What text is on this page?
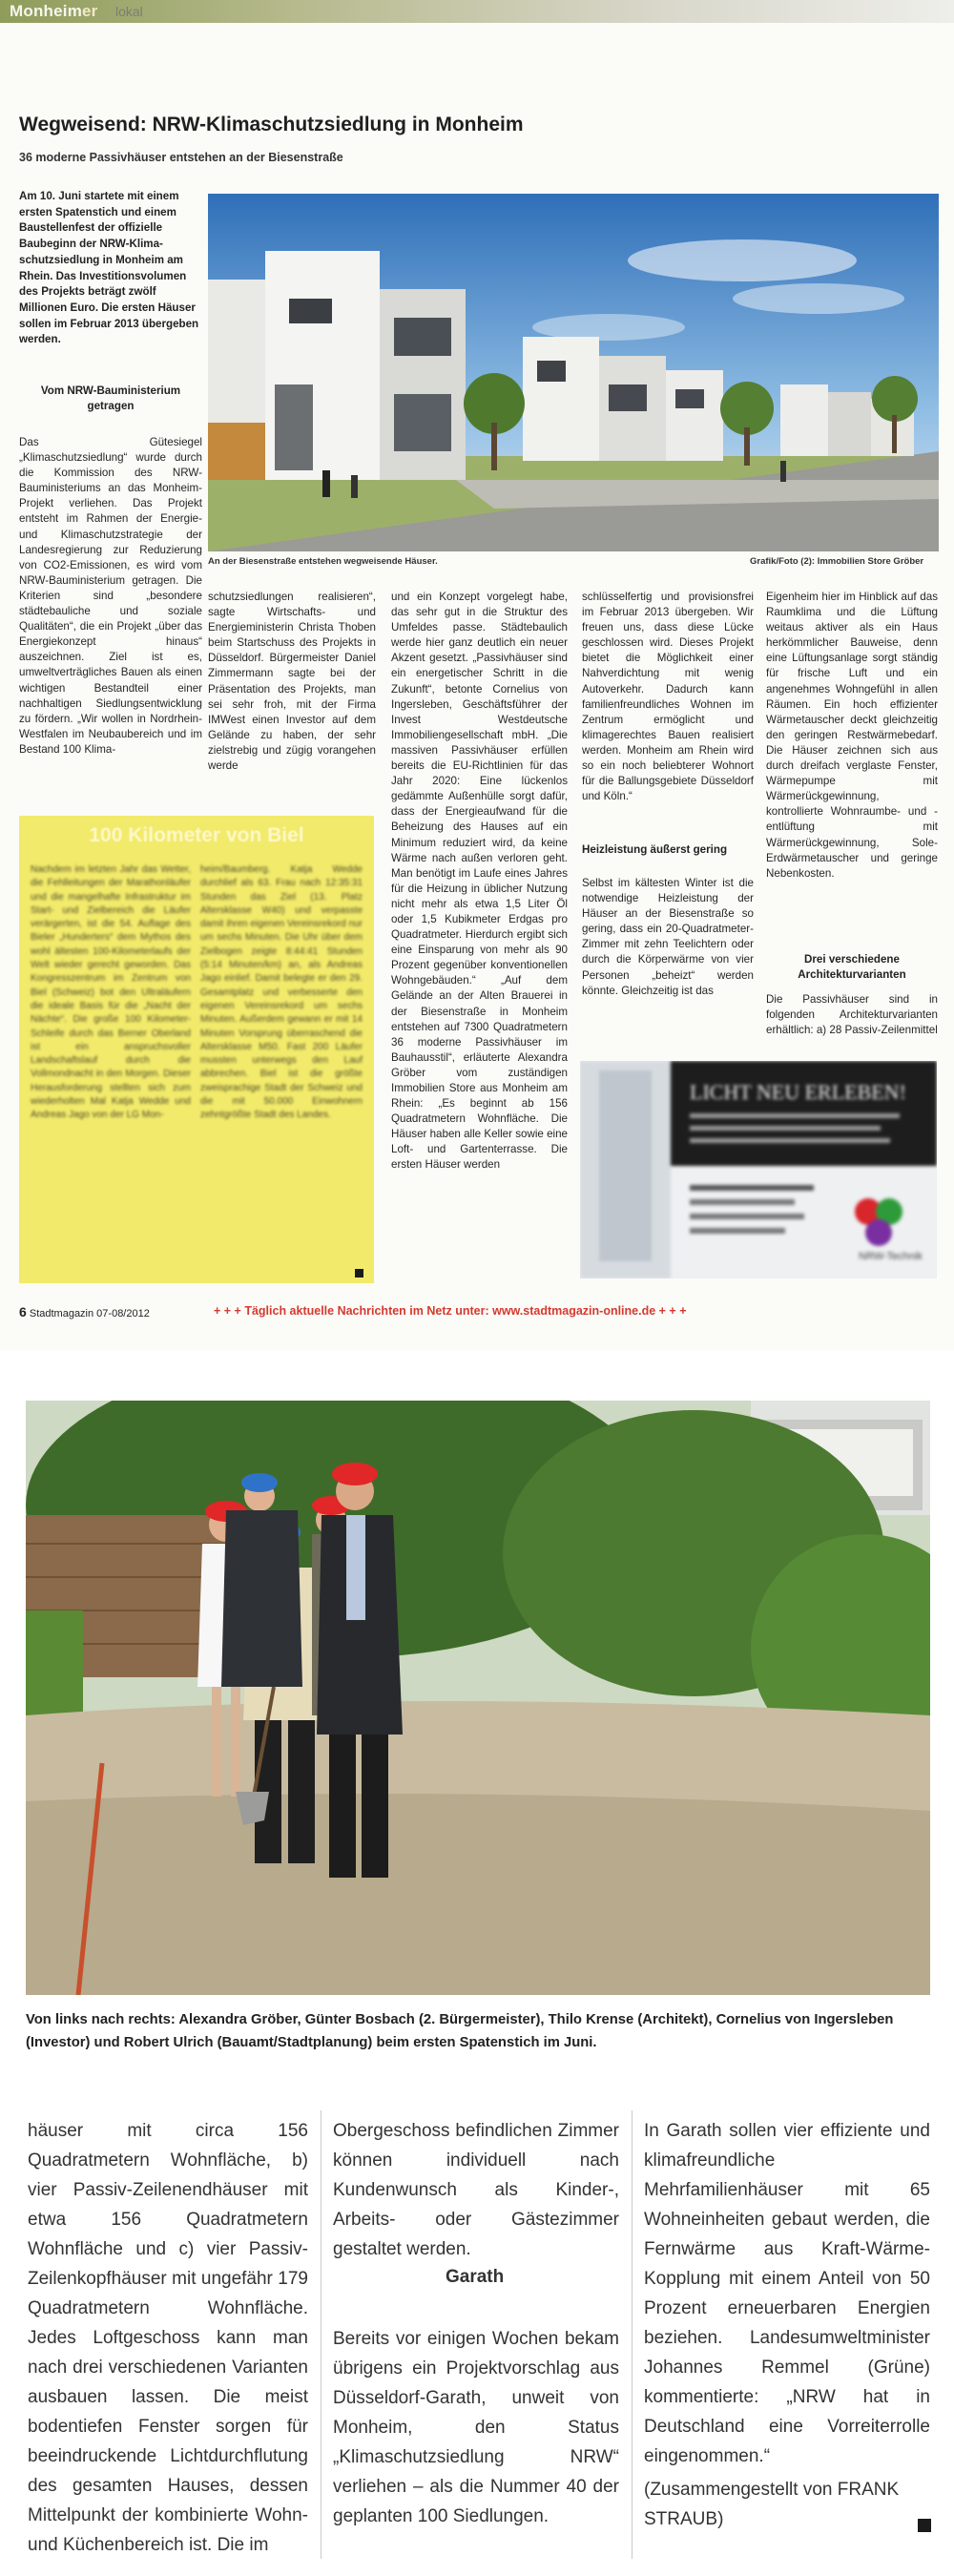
Monheimer lokal
Wegweisend: NRW-Klimaschutzsiedlung in Monheim
36 moderne Passivhäuser entstehen an der Biesenstraße
Am 10. Juni startete mit einem ersten Spatenstich und einem Baustellenfest der offizielle Baubeginn der NRW-Klima-schutzsiedlung in Monheim am Rhein. Das Investitionsvolumen des Projekts beträgt zwölf Millionen Euro. Die ersten Häuser sollen im Februar 2013 übergeben werden.
Vom NRW-Bauministerium getragen
Das Gütesiegel „Klimaschutzsiedlung“ wurde durch die Kommission des NRW-Bauministeriums an das Monheim-Projekt verliehen. Das Projekt entsteht im Rahmen der Energie- und Klimaschutzstrategie der Landesregierung zur Reduzierung von CO2-Emissionen, es wird vom NRW-Bauministerium getragen. Die Kriterien sind „besondere städtebauliche und soziale Qualitäten“, die ein Projekt „über das Energiekonzept hinaus“ auszeichnen. Ziel ist es, umweltverträgliches Bauen als einen wichtigen Bestandteil einer nachhaltigen Siedlungsentwicklung zu fördern. „Wir wollen in Nordrhein-Westfalen im Neubaubereich und im Bestand 100 Klima-
An der Biesenstraße entstehen wegweisende Häuser.	Grafik/Foto (2): Immobilien Store Gröber
schutzsiedlungen realisieren“, sagte Wirtschafts- und Energieministerin Christa Thoben beim Startschuss des Projekts in Düsseldorf. Bürgermeister Daniel Zimmermann sagte bei der Präsentation des Projekts, man sei sehr froh, mit der Firma IMWest einen Investor auf dem Gelände zu haben, der sehr zielstrebig und zügig vorangehen werde
und ein Konzept vorgelegt habe, das sehr gut in die Struktur des Umfeldes passe. Städtebaulich werde hier ganz deutlich ein neuer Akzent gesetzt. „Passivhäuser sind ein energetischer Schritt in die Zukunft“, betonte Cornelius von Ingersleben, Geschäftsführer der Invest Westdeutsche Immobiliengesellschaft mbH. „Die massiven Passivhäuser erfüllen bereits die EU-Richtlinien für das Jahr 2020: Eine lückenlos gedämmte Außenhülle sorgt dafür, dass der Energieaufwand für die Beheizung des Hauses auf ein Minimum reduziert wird, da keine Wärme nach außen verloren geht. Man benötigt im Laufe eines Jahres für die Heizung in üblicher Nutzung nicht mehr als etwa 1,5 Liter Öl oder 1,5 Kubikmeter Erdgas pro Quadratmeter. Hierdurch ergibt sich eine Einsparung von mehr als 90 Prozent gegenüber konventionellen Wohngebäuden.“ „Auf dem Gelände an der Alten Brauerei in der Biesenstraße in Monheim entstehen auf 7300 Quadratmetern 36 moderne Passivhäuser im Bauhausstil“, erläuterte Alexandra Gröber vom zuständigen Immobilien Store aus Monheim am Rhein: „Es beginnt ab 156 Quadratmetern Wohnfläche. Die Häuser haben alle Keller sowie eine Loft- und Gartenterrasse. Die ersten Häuser werden
schlüsselfertig und provisionsfrei im Februar 2013 übergeben. Wir freuen uns, dass diese Lücke geschlossen wird. Dieses Projekt bietet die Möglichkeit einer Nahverdichtung mit wenig Autoverkehr. Dadurch kann familienfreundliches Wohnen im Zentrum ermöglicht und klimagerechtes Bauen realisiert werden. Monheim am Rhein wird so ein noch beliebterer Wohnort für die Ballungsgebiete Düsseldorf und Köln.“
Heizleistung äußerst gering
Selbst im kältesten Winter ist die notwendige Heizleistung der Häuser an der Biesenstraße so gering, dass ein 20-Quadratmeter-Zimmer mit zehn Teelichtern oder durch die Körperwärme von vier Personen „beheizt“ werden könnte. Gleichzeitig ist das
Eigenheim hier im Hinblick auf das Raumklima und die Lüftung weitaus aktiver als ein Haus herkömmlicher Bauweise, denn eine Lüftungsanlage sorgt ständig für frische Luft und ein angenehmes Wohngefühl in allen Räumen. Ein hoch effizienter Wärmetauscher deckt gleichzeitig den geringen Restwärmebedarf. Die Häuser zeichnen sich aus durch dreifach verglaste Fenster, Wärmepumpe mit Wärmerückgewinnung, kontrollierte Wohnraumbe- und -entlüftung mit Wärmerückgewinnung, Sole-Erdwärmetauscher und geringe Nebenkosten.
Drei verschiedene Architekturvarianten
Die Passivhäuser sind in folgenden Architekturvarianten erhältlich: a) 28 Passiv-Zeilenmittel
100 Kilometer von Biel
Nachdem im letzten Jahr das Wetter, die Fehlleitungen der Marathonläufer und die mangelhafte Infrastruktur im Start- und Zielbereich die Läufer verärgerten, ist die 54. Auflage des Bieler „Hunderters“ dem Mythos des wohl ältesten 100-Kilometerlaufs der Welt wieder gerecht geworden. Das Kongresszentrum im Zentrum von Biel (Schweiz) bot den Ultraläufern die ideale Basis für die „Nacht der Nächte“. Die große 100 Kilometer-Schleife durch das Berner Oberland ist ein anspruchsvoller Landschaftslauf durch die Vollmondnacht in den Morgen. Dieser Herausforderung stellten sich zum wiederholten Mal Katja Wedde und Andreas Jago von der LG Mon-
heim/Baumberg. Katja Wedde durchlief als 63. Frau nach 12:35:31 Stunden das Ziel (13. Platz Altersklasse W40) und verpasste damit ihren eigenen Vereinsrekord nur um sechs Minuten. Die Uhr über dem Zielbogen zeigte 8:44:41 Stunden (5:14 Minuten/km) an, als Andreas Jago einlief. Damit belegte er den 29. Gesamtplatz und verbesserte den eigenen Vereinsrekord um sechs Minuten. Außerdem gewann er mit 14 Minuten Vorsprung überraschend die Altersklasse M50. Fast 200 Läufer mussten unterwegs den Lauf abbrechen. Biel ist die größte zweisprachige Stadt der Schweiz und die mit 50.000 Einwohnern zehntgrößte Stadt des Landes.
LICHT NEU ERLEBEN!
NRW-Technik
6 Stadtmagazin 07-08/2012	+ + + Täglich aktuelle Nachrichten im Netz unter: www.stadtmagazin-online.de + + +
Von links nach rechts: Alexandra Gröber, Günter Bosbach (2. Bürgermeister), Thilo Krense (Architekt), Cornelius von Ingersleben (Investor) und Robert Ulrich (Bauamt/Stadtplanung) beim ersten Spatenstich im Juni.
häuser mit circa 156 Quadratmetern Wohnfläche, b) vier Passiv-Zeilenendhäuser mit etwa 156 Quadratmetern Wohnfläche und c) vier Passiv-Zeilenkopfhäuser mit ungefähr 179 Quadratmetern Wohnfläche. Jedes Loftgeschoss kann man nach drei verschiedenen Varianten ausbauen lassen. Die meist bodentiefen Fenster sorgen für beeindruckende Lichtdurchflutung des gesamten Hauses, dessen Mittelpunkt der kombinierte Wohn- und Küchenbereich ist. Die im
Obergeschoss befindlichen Zimmer können individuell nach Kundenwunsch als Kinder-, Arbeits- oder Gästezimmer gestaltet werden.
Garath
Bereits vor einigen Wochen bekam übrigens ein Projektvorschlag aus Düsseldorf-Garath, unweit von Monheim, den Status „Klimaschutzsiedlung NRW“ verliehen – als die Nummer 40 der geplanten 100 Siedlungen.
In Garath sollen vier effiziente und klimafreundliche Mehrfamilienhäuser mit 65 Wohneinheiten gebaut werden, die Fernwärme aus Kraft-Wärme-Kopplung mit einem Anteil von 50 Prozent erneuerbaren Energien beziehen. Landesumweltminister Johannes Remmel (Grüne) kommentierte: „NRW hat in Deutschland eine Vorreiterrolle eingenommen.“
(Zusammengestellt von FRANK STRAUB)
